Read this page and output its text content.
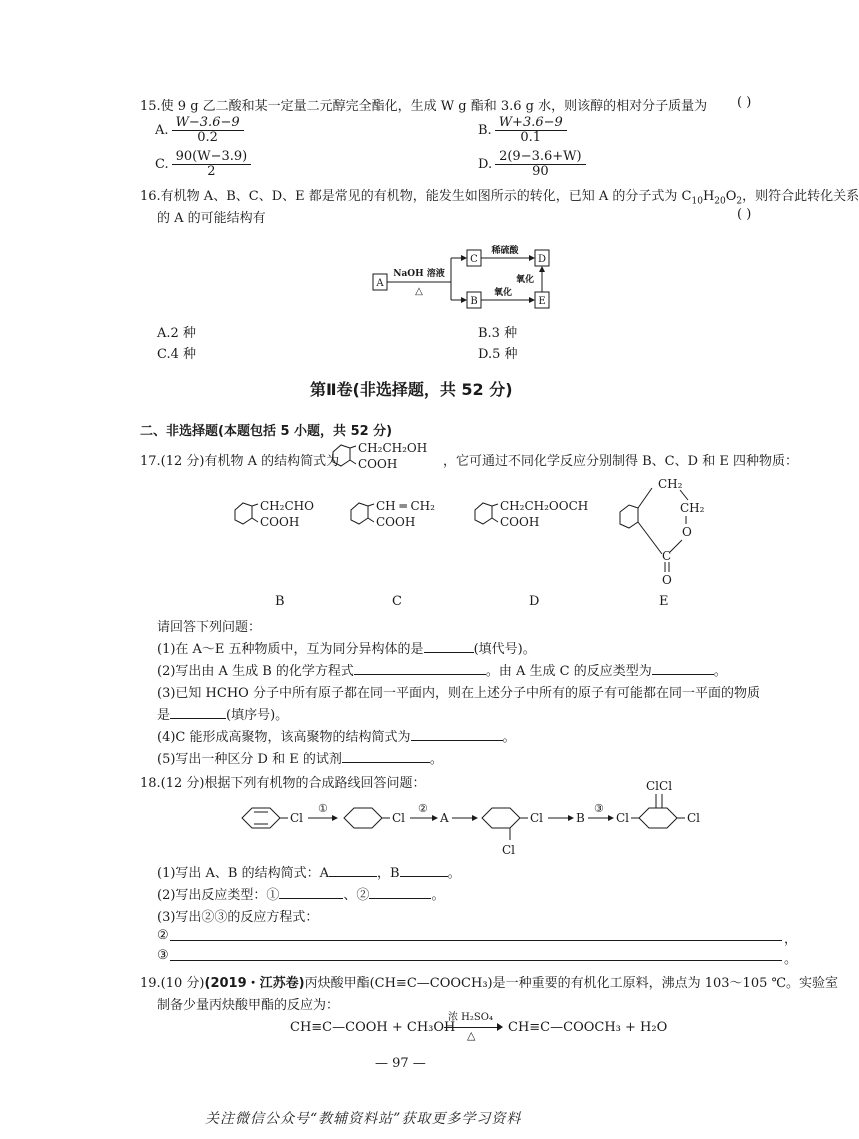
15.使 9 g 乙二酸和某一定量二元醇完全酯化，生成 W g 酯和 3.6 g 水，则该醇的相对分子质量为 ( )
A. $\frac{W-3.6-9}{0.2}$	B. $\frac{W+3.6-9}{0.1}$
C. $\frac{90(W-3.9)}{2}$	D. $\frac{2(9-3.6+W)}{90}$
16.有机物 A、B、C、D、E 都是常见的有机物，能发生如图所示的转化，已知 A 的分子式为 $C_{10}H_{20}O_2$，则符合此转化关系
的 A 的可能结构有	( )
A
NaOH 溶液
△
C
B
稀硫酸
氧化
D
E
氧化
A.2 种	B.3 种
C.4 种	D.5 种
第Ⅱ卷(非选择题，共 52 分)
二、非选择题(本题包括 5 小题，共 52 分)
17.(12 分)有机物 A 的结构简式为
CH₂CH₂OH
COOH	，它可通过不同化学反应分别制得 B、C、D 和 E 四种物质：
CH₂CHO
COOH
CH ═ CH₂
COOH
CH₂CH₂OOCH
COOH
CH₂
CH₂
O
C
O
B	C	D	E
请回答下列问题：
(1)在 A～E 五种物质中，互为同分异构体的是	(填代号)。
(2)写出由 A 生成 B 的化学方程式	。由 A 生成 C 的反应类型为	。
(3)已知 HCHO 分子中所有原子都在同一平面内，则在上述分子中所有的原子有可能都在同一平面的物质
是	(填序号)。
(4)C 能形成高聚物，该高聚物的结构简式为	。
(5)写出一种区分 D 和 E 的试剂	。
18.(12 分)根据下列有机物的合成路线回答问题：
Cl
①
Cl
②
A	Cl
Cl
B
③
Cl
ClCl
Cl
(1)写出 A、B 的结构简式：A	，B	。
(2)写出反应类型：①	、②	。
(3)写出②③的反应方程式：
②	，
③	。
19.(10 分)(2019・江苏卷)丙炔酸甲酯(CH≡C—COOCH₃)是一种重要的有机化工原料，沸点为 103～105 ℃。实验室
制备少量丙炔酸甲酯的反应为：
CH≡C—COOH + CH₃OH
浓 H₂SO₄
△
CH≡C—COOCH₃ + H₂O
— 97 —
关注微信公众号“教辅资料站”获取更多学习资料
